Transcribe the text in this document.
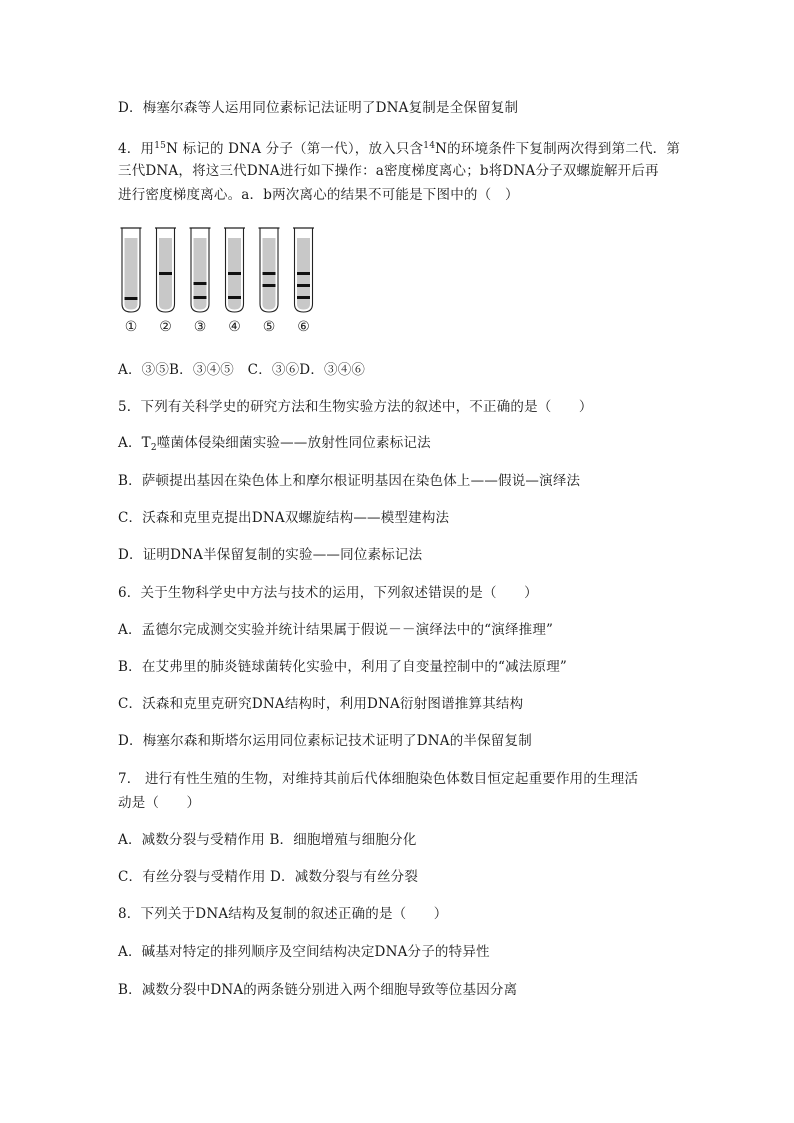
D．梅塞尔森等人运用同位素标记法证明了DNA复制是全保留复制
4．用$^{15}$N 标记的 DNA 分子（第一代），放入只含$^{14}$N的环境条件下复制两次得到第二代．第
三代DNA，将这三代DNA进行如下操作：a密度梯度离心；b将DNA分子双螺旋解开后再
进行密度梯度离心。a．b两次离心的结果不可能是下图中的（　）
① ② ③ ④ ⑤ ⑥
A．③⑤B．③④⑤　C．③⑥D．③④⑥
5．下列有关科学史的研究方法和生物实验方法的叙述中，不正确的是（　　）
A．$T_2$噬菌体侵染细菌实验——放射性同位素标记法
B．萨顿提出基因在染色体上和摩尔根证明基因在染色体上——假说—演绎法
C．沃森和克里克提出DNA双螺旋结构——模型建构法
D．证明DNA半保留复制的实验——同位素标记法
6．关于生物科学史中方法与技术的运用，下列叙述错误的是（　　）
A．孟德尔完成测交实验并统计结果属于假说－－演绎法中的“演绎推理”
B．在艾弗里的肺炎链球菌转化实验中，利用了自变量控制中的“减法原理”
C．沃森和克里克研究DNA结构时，利用DNA衍射图谱推算其结构
D．梅塞尔森和斯塔尔运用同位素标记技术证明了DNA的半保留复制
7． 进行有性生殖的生物，对维持其前后代体细胞染色体数目恒定起重要作用的生理活
动是（　　）
A．减数分裂与受精作用 B．细胞增殖与细胞分化
C．有丝分裂与受精作用 D．减数分裂与有丝分裂
8．下列关于DNA结构及复制的叙述正确的是（　　）
A．碱基对特定的排列顺序及空间结构决定DNA分子的特异性
B．减数分裂中DNA的两条链分别进入两个细胞导致等位基因分离
